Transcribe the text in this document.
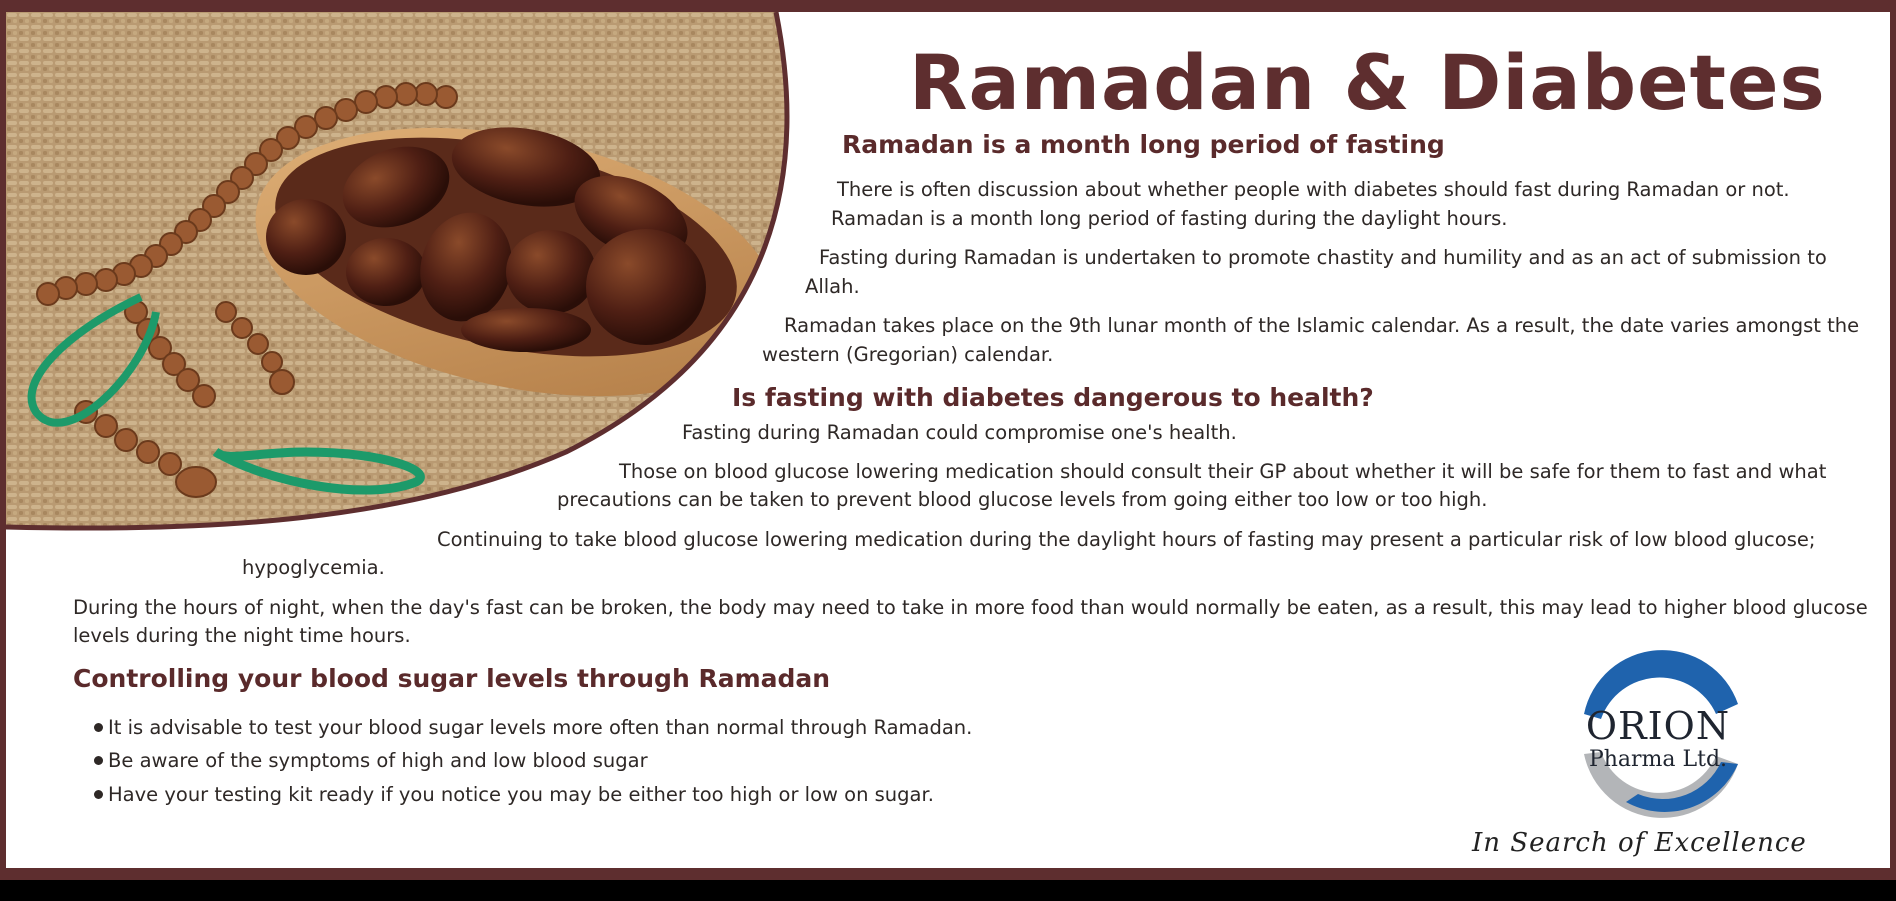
Ramadan & Diabetes
Ramadan is a month long period of fasting
There is often discussion about whether people with diabetes should fast during Ramadan or not.
Ramadan is a month long period of fasting during the daylight hours.
Fasting during Ramadan is undertaken to promote chastity and humility and as an act of submission to
Allah.
Ramadan takes place on the 9th lunar month of the Islamic calendar. As a result, the date varies amongst the
western (Gregorian) calendar.
Is fasting with diabetes dangerous to health?
Fasting during Ramadan could compromise one's health.
Those on blood glucose lowering medication should consult their GP about whether it will be safe for them to fast and what
precautions can be taken to prevent blood glucose levels from going either too low or too high.
Continuing to take blood glucose lowering medication during the daylight hours of fasting may present a particular risk of low blood glucose;
hypoglycemia.
During the hours of night, when the day's fast can be broken, the body may need to take in more food than would normally be eaten, as a result, this may lead to higher blood glucose
levels during the night time hours.
Controlling your blood sugar levels through Ramadan
It is advisable to test your blood sugar levels more often than normal through Ramadan.
Be aware of the symptoms of high and low blood sugar
Have your testing kit ready if you notice you may be either too high or low on sugar.
ORION
Pharma Ltd.
In Search of Excellence
